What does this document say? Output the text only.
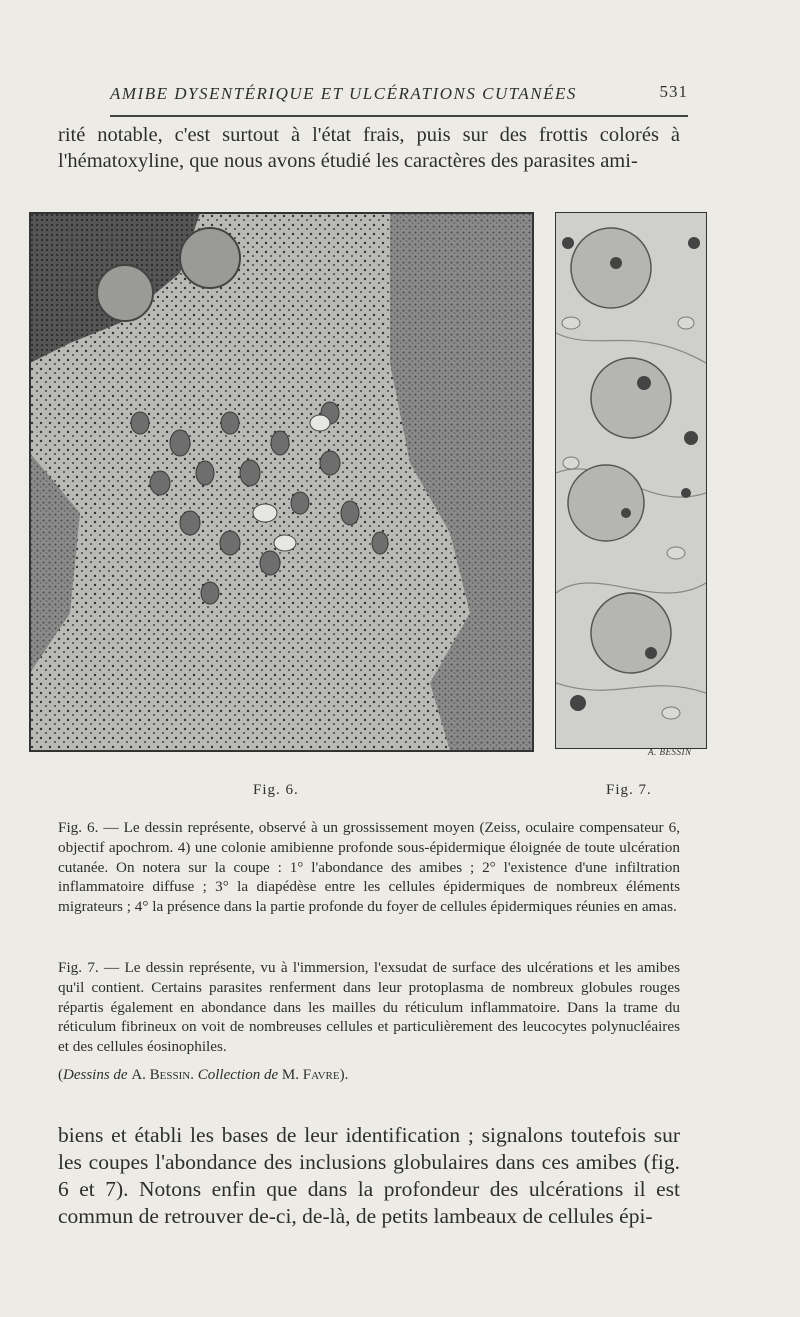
AMIBE DYSENTÉRIQUE ET ULCÉRATIONS CUTANÉES	531
rité notable, c'est surtout à l'état frais, puis sur des frottis colorés à l'hématoxyline, que nous avons étudié les caractères des parasites ami-
A. BESSIN
Fig. 6.	Fig. 7.
Fig. 6. — Le dessin représente, observé à un grossissement moyen (Zeiss, oculaire compensateur 6, objectif apochrom. 4) une colonie amibienne profonde sous-épidermique éloignée de toute ulcération cutanée. On notera sur la coupe : 1° l'abondance des amibes ; 2° l'existence d'une infiltration inflammatoire diffuse ; 3° la diapédèse entre les cellules épidermiques de nombreux éléments migrateurs ; 4° la présence dans la partie profonde du foyer de cellules épidermiques réunies en amas.
Fig. 7. — Le dessin représente, vu à l'immersion, l'exsudat de surface des ulcérations et les amibes qu'il contient. Certains parasites renferment dans leur protoplasma de nombreux globules rouges répartis également en abondance dans les mailles du réticulum inflammatoire. Dans la trame du réticulum fibrineux on voit de nombreuses cellules et particulièrement des leucocytes polynucléaires et des cellules éosinophiles.
(Dessins de A. Bessin. Collection de M. Favre).
biens et établi les bases de leur identification ; signalons toutefois sur les coupes l'abondance des inclusions globulaires dans ces amibes (fig. 6 et 7). Notons enfin que dans la profondeur des ulcérations il est commun de retrouver de-ci, de-là, de petits lambeaux de cellules épi-
